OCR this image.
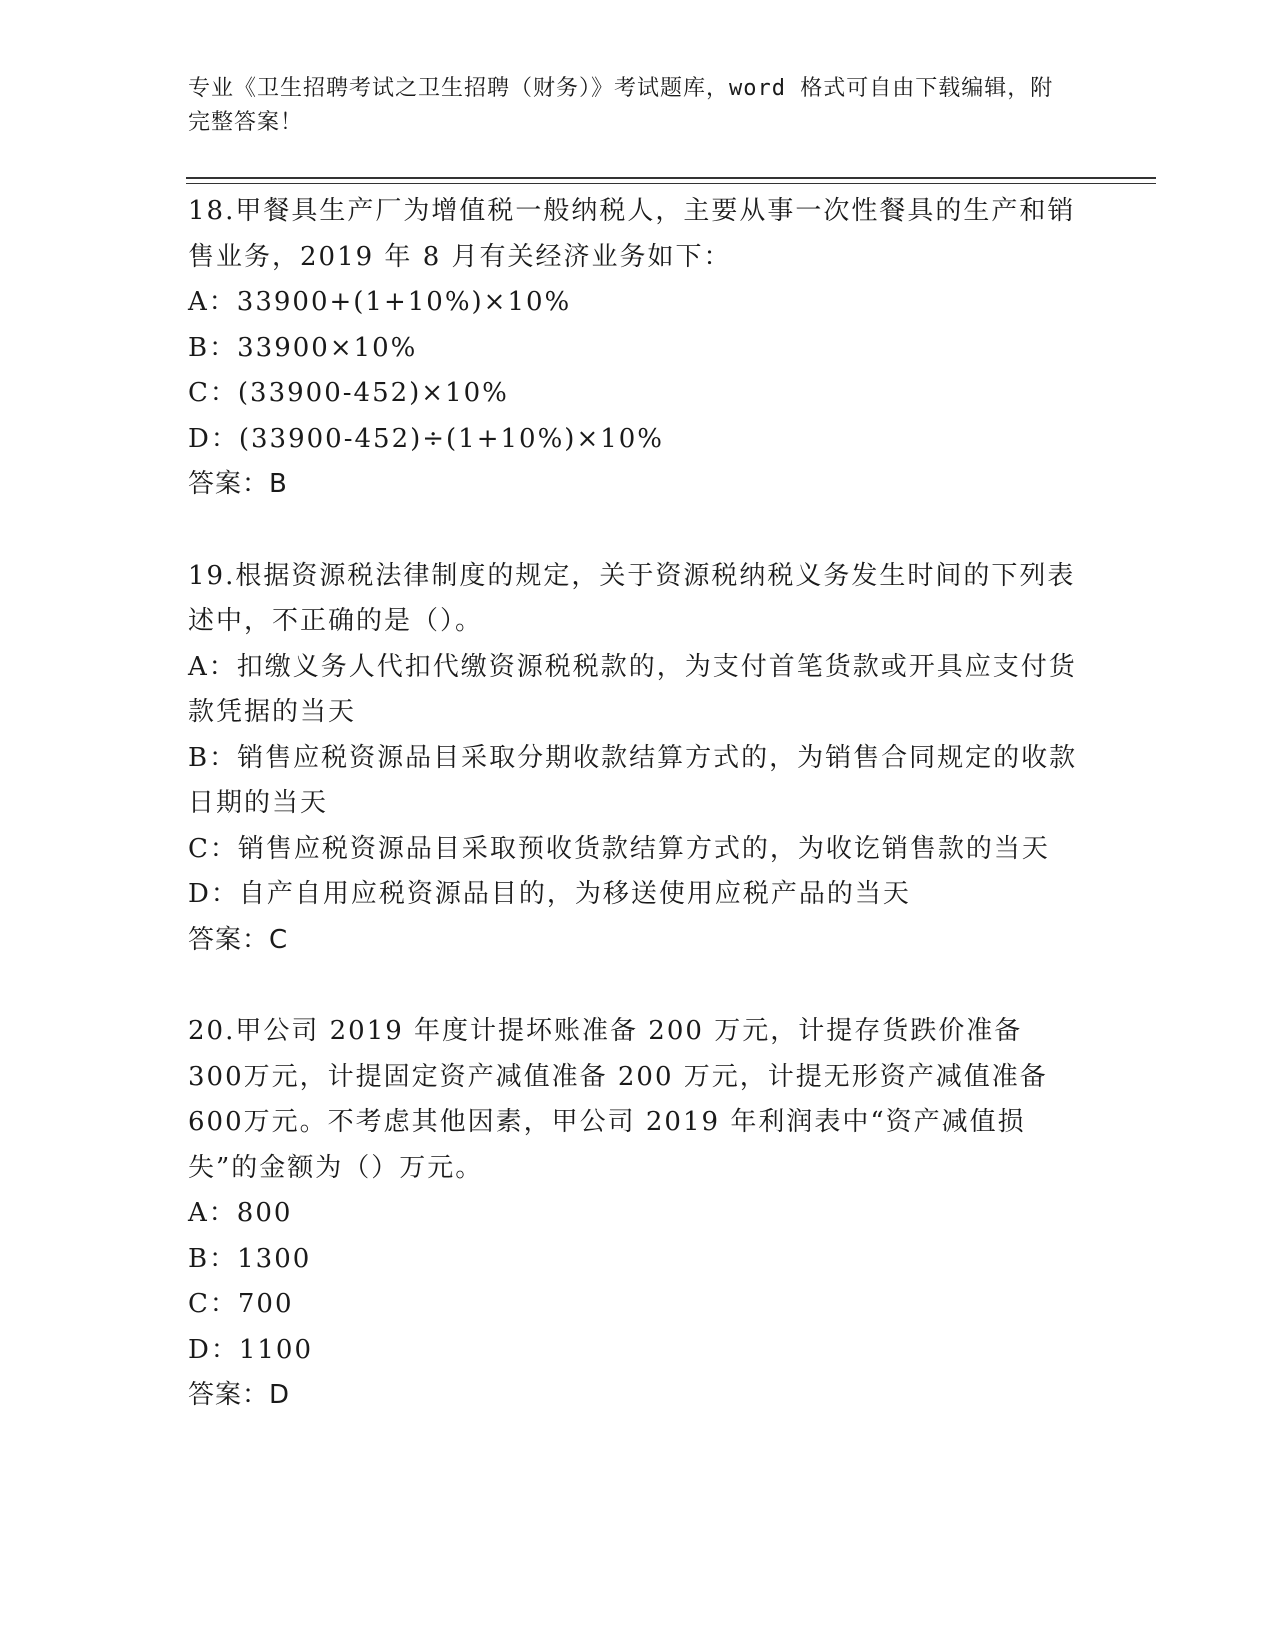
专业《卫生招聘考试之卫生招聘（财务）》考试题库，word 格式可自由下载编辑，附完整答案！
18.甲餐具生产厂为增值税一般纳税人，主要从事一次性餐具的生产和销售业务，2019 年 8 月有关经济业务如下：
A：33900+(1+10%)×10%
B：33900×10%
C：(33900-452)×10%
D：(33900-452)÷(1+10%)×10%
答案：B
19.根据资源税法律制度的规定，关于资源税纳税义务发生时间的下列表述中，不正确的是（）。
A：扣缴义务人代扣代缴资源税税款的，为支付首笔货款或开具应支付货款凭据的当天
B：销售应税资源品目采取分期收款结算方式的，为销售合同规定的收款日期的当天
C：销售应税资源品目采取预收货款结算方式的，为收讫销售款的当天
D：自产自用应税资源品目的，为移送使用应税产品的当天
答案：C
20.甲公司 2019 年度计提坏账准备 200 万元，计提存货跌价准备 300万元，计提固定资产减值准备 200 万元，计提无形资产减值准备 600万元。不考虑其他因素，甲公司 2019 年利润表中“资产减值损失”的金额为（）万元。
A：800
B：1300
C：700
D：1100
答案：D
